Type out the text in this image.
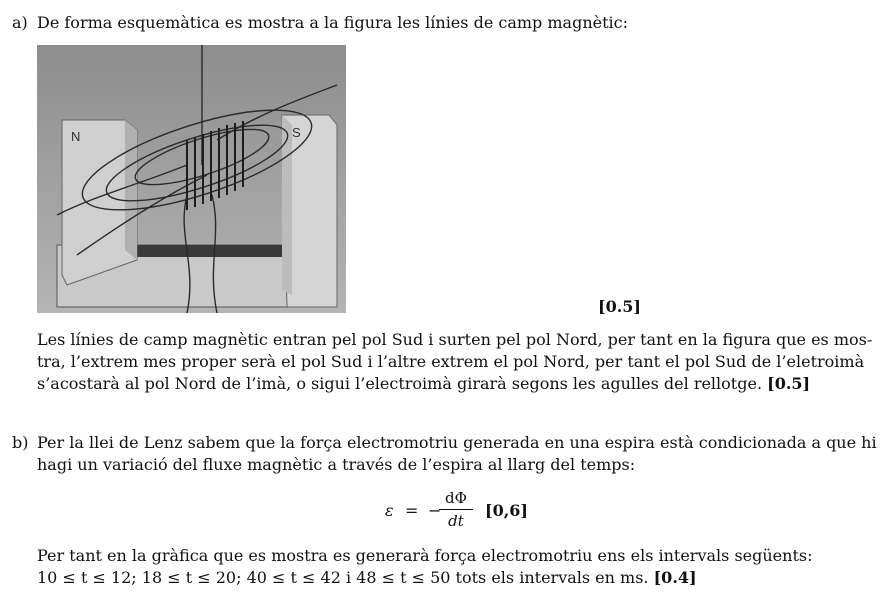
a) De forma esquemàtica es mostra a la figura les línies de camp magnètic:
N	S
[0.5]
Les línies de camp magnètic entran pel pol Sud i surten pel pol Nord, per tant en la figura que es mos-
tra, l’extrem mes proper serà el pol Sud i l’altre extrem el pol Nord, per tant el pol Sud de l’eletroimà
s’acostarà al pol Nord de l’imà, o sigui l’electroimà girarà segons les agulles del rellotge. [0.5]
b) Per la llei de Lenz sabem que la força electromotriu generada en una espira està condicionada a que hi
hagi un variació del fluxe magnètic a través de l’espira al llarg del temps:
ε = −
dΦ
dt
[0,6]
Per tant en la gràfica que es mostra es generarà força electromotriu ens els intervals següents:
10 ≤ t ≤ 12; 18 ≤ t ≤ 20; 40 ≤ t ≤ 42 i 48 ≤ t ≤ 50 tots els intervals en ms. [0.4]
